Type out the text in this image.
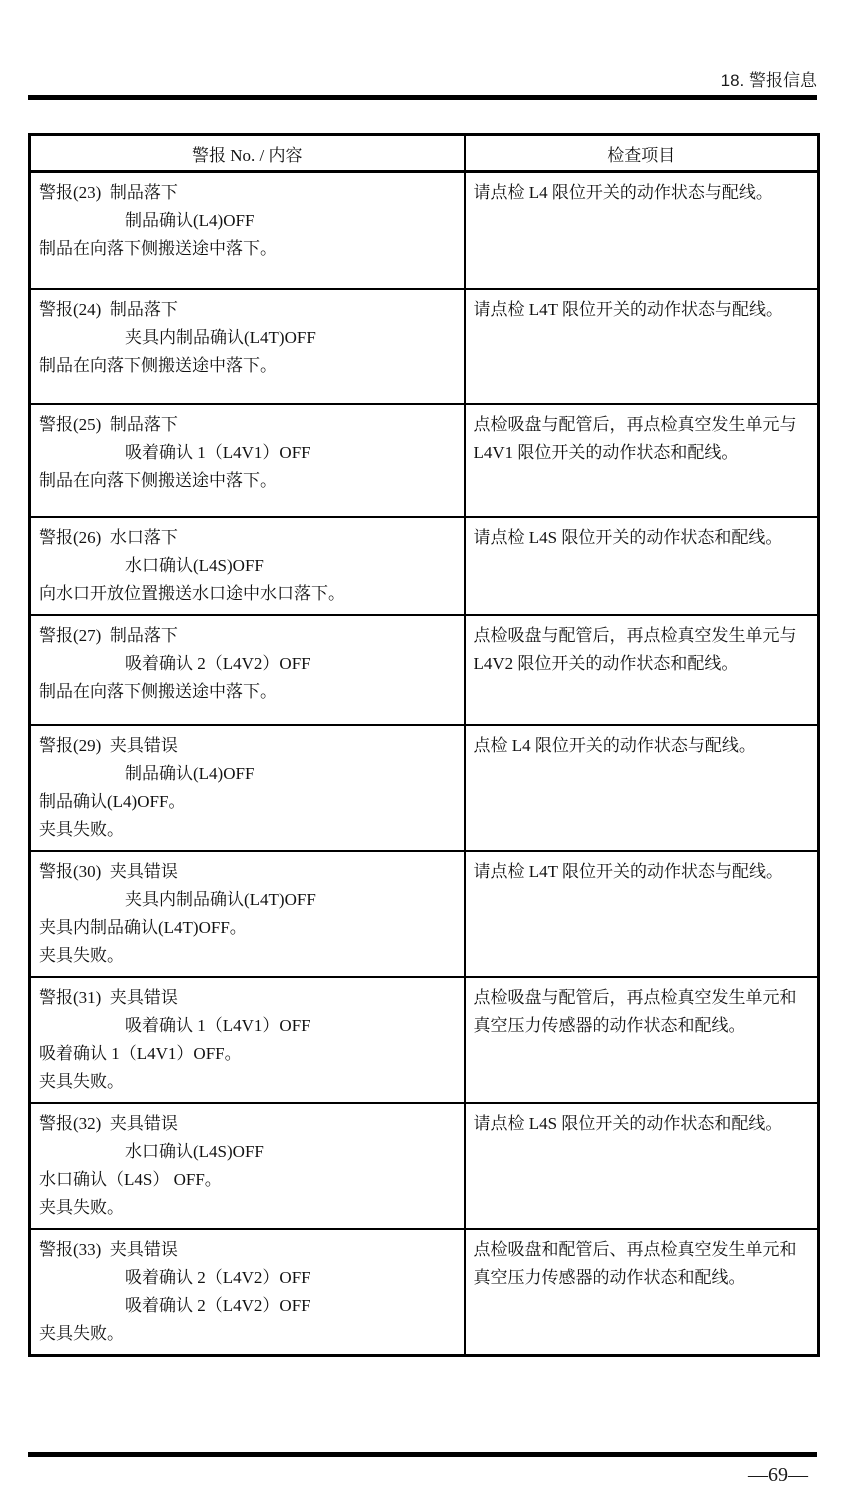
18. 警报信息
警报 No. / 内容	检查项目

警报(23)  制品落下
制品确认(L4)OFF
制品在向落下侧搬送途中落下。	请点检 L4 限位开关的动作状态与配线。

警报(24)  制品落下
夹具内制品确认(L4T)OFF
制品在向落下侧搬送途中落下。	请点检 L4T 限位开关的动作状态与配线。

警报(25)  制品落下
吸着确认 1（L4V1）OFF
制品在向落下侧搬送途中落下。	点检吸盘与配管后，再点检真空发生单元与 L4V1 限位开关的动作状态和配线。

警报(26)  水口落下
水口确认(L4S)OFF
向水口开放位置搬送水口途中水口落下。	请点检 L4S 限位开关的动作状态和配线。

警报(27)  制品落下
吸着确认 2（L4V2）OFF
制品在向落下侧搬送途中落下。	点检吸盘与配管后，再点检真空发生单元与 L4V2 限位开关的动作状态和配线。

警报(29)  夹具错误
制品确认(L4)OFF
制品确认(L4)OFF。
夹具失败。	点检 L4 限位开关的动作状态与配线。

警报(30)  夹具错误
夹具内制品确认(L4T)OFF
夹具内制品确认(L4T)OFF。
夹具失败。	请点检 L4T 限位开关的动作状态与配线。

警报(31)  夹具错误
吸着确认 1（L4V1）OFF
吸着确认 1（L4V1）OFF。
夹具失败。	点检吸盘与配管后，再点检真空发生单元和真空压力传感器的动作状态和配线。

警报(32)  夹具错误
水口确认(L4S)OFF
水口确认（L4S） OFF。
夹具失败。	请点检 L4S 限位开关的动作状态和配线。

警报(33)  夹具错误
吸着确认 2（L4V2）OFF
吸着确认 2（L4V2）OFF
夹具失败。	点检吸盘和配管后、再点检真空发生单元和真空压力传感器的动作状态和配线。
—69—
